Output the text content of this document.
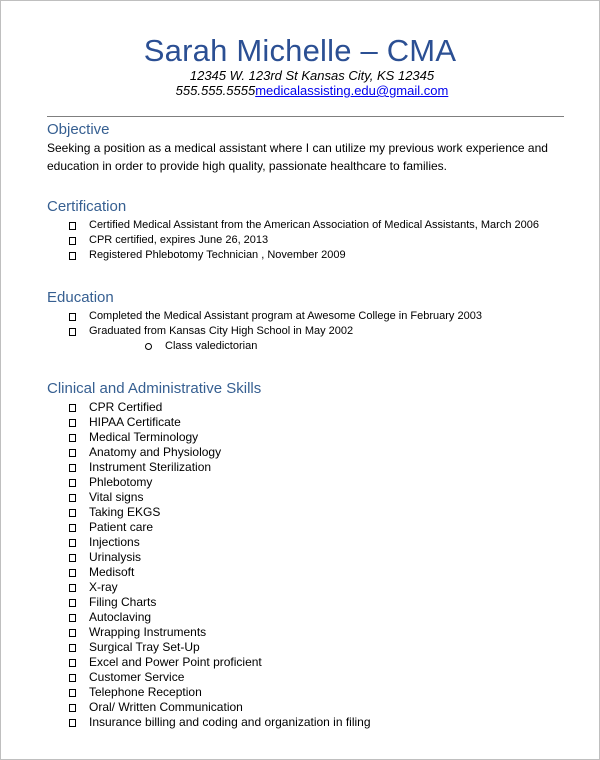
Sarah Michelle – CMA
12345 W. 123rd St Kansas City, KS 12345
555.555.5555medicalassisting.edu@gmail.com
Objective
Seeking a position as a medical assistant where I can utilize my previous work experience and education in order to provide high quality, passionate healthcare to families.
Certification
Certified Medical Assistant from the American Association of Medical Assistants, March 2006
CPR certified, expires June 26, 2013
Registered Phlebotomy Technician , November 2009
Education
Completed the Medical Assistant program at Awesome College in February 2003
Graduated from Kansas City High School in May 2002
Class valedictorian
Clinical and Administrative Skills
CPR Certified
HIPAA Certificate
Medical Terminology
Anatomy and Physiology
Instrument Sterilization
Phlebotomy
Vital signs
Taking EKGS
Patient care
Injections
Urinalysis
Medisoft
X-ray
Filing Charts
Autoclaving
Wrapping Instruments
Surgical Tray Set-Up
Excel and Power Point proficient
Customer Service
Telephone Reception
Oral/ Written Communication
Insurance billing and coding and organization in filing
